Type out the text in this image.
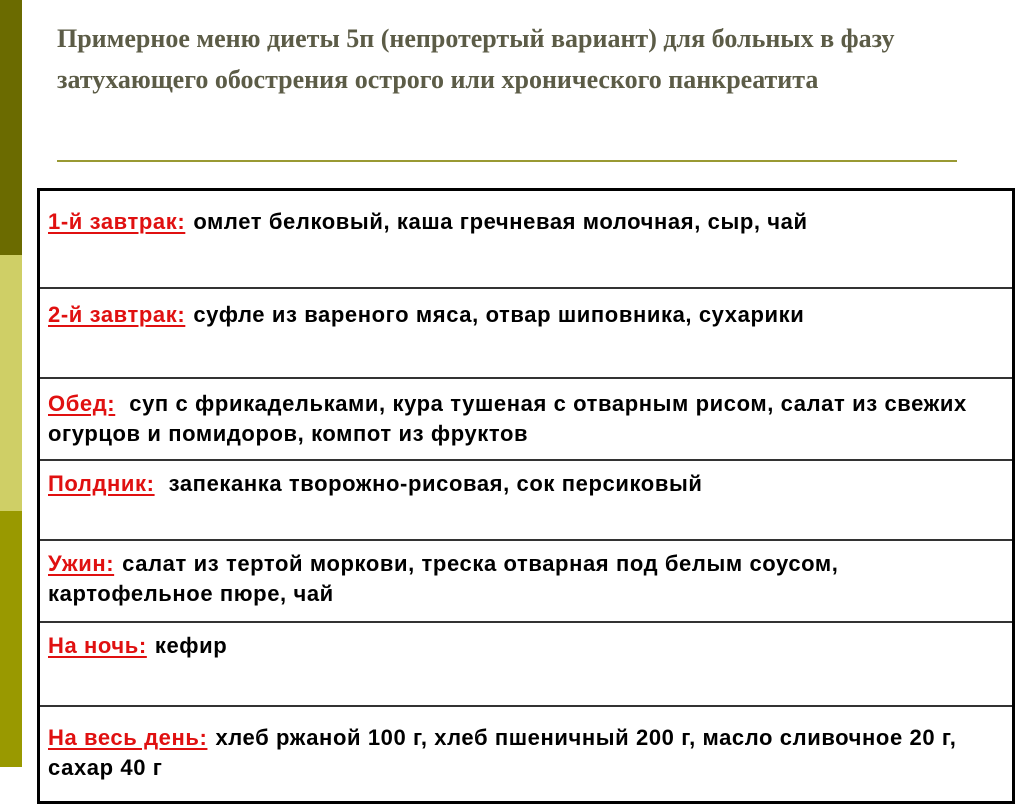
Примерное меню диеты 5п (непротертый вариант) для больных в фазу затухающего обострения острого или хронического панкреатита
1-й завтрак: омлет белковый, каша гречневая молочная, сыр, чай
2-й завтрак: суфле из вареного мяса, отвар шиповника, сухарики
Обед: суп с фрикадельками, кура тушеная с отварным рисом, салат из свежих огурцов и помидоров, компот из фруктов
Полдник: запеканка творожно-рисовая, сок персиковый
Ужин: салат из тертой моркови, треска отварная под белым соусом, картофельное пюре, чай
На ночь: кефир
На весь день: хлеб ржаной 100 г, хлеб пшеничный 200 г, масло сливочное 20 г, сахар 40 г
